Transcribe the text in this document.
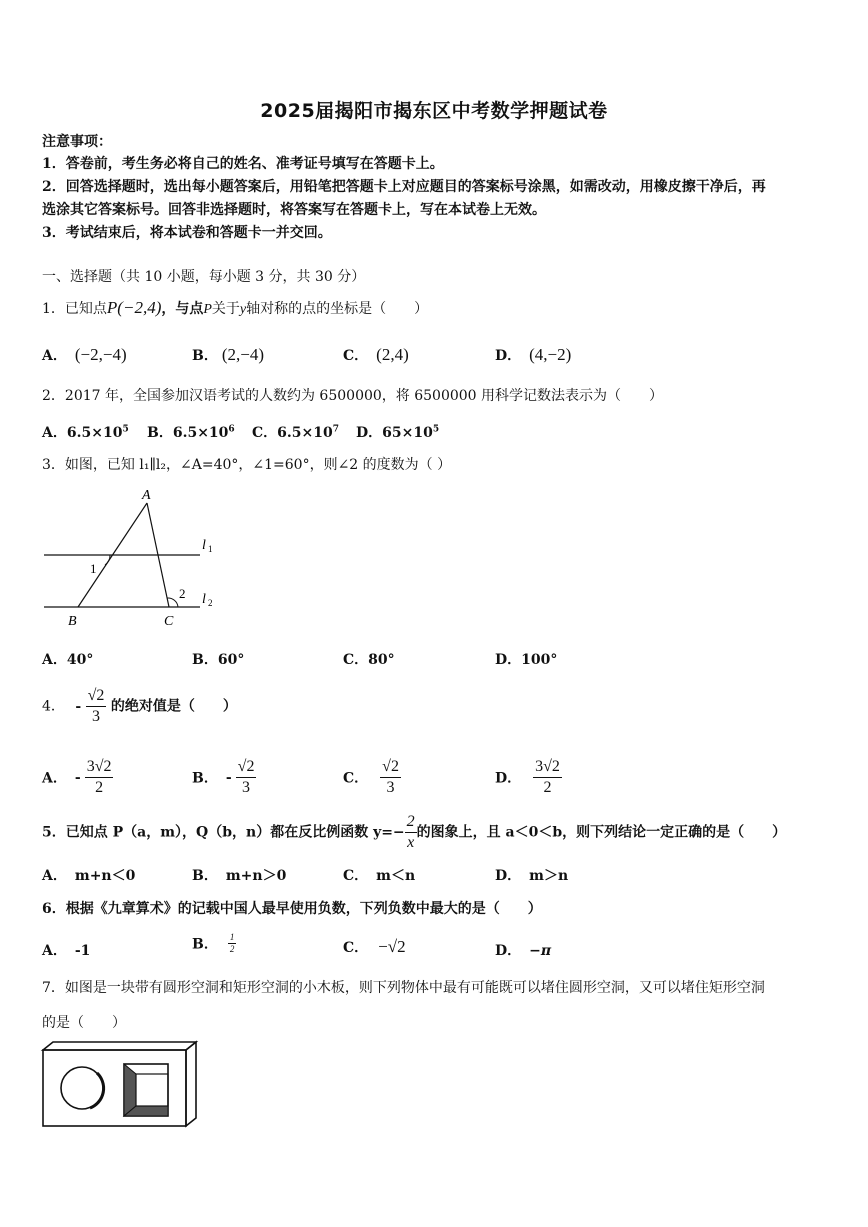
2025届揭阳市揭东区中考数学押题试卷
注意事项：
1．答卷前，考生务必将自己的姓名、准考证号填写在答题卡上。
2．回答选择题时，选出每小题答案后，用铅笔把答题卡上对应题目的答案标号涂黑，如需改动，用橡皮擦干净后，再
选涂其它答案标号。回答非选择题时，将答案写在答题卡上，写在本试卷上无效。
3．考试结束后，将本试卷和答题卡一并交回。
一、选择题（共 10 小题，每小题 3 分，共 30 分）
1．已知点P(−2,4)，与点P关于y轴对称的点的坐标是（　　）
A． (−2,−4)	B． (2,−4)	C． (2,4)	D． (4,−2)
2．2017 年，全国参加汉语考试的人数约为 6500000，将 6500000 用科学记数法表示为（　　）
A．$6.5\times 10^5$ B．$6.5\times 10^6$ C．$6.5\times 10^7$ D．$65\times 10^5$
3．如图，已知 l₁∥l₂，∠A=40°，∠1=60°，则∠2 的度数为（ ）
A
B	C
1
2
l 1
l 2
A．40°	B．60°	C．80°	D．100°
4． - $\frac{√2}{3}$ 的绝对值是（　　）
A． - $\frac{3√2}{2}$	B． - $\frac{√2}{3}$	C． $\frac{√2}{3}$	D． $\frac{3√2}{2}$
5．已知点 P（a，m），Q（b，n）都在反比例函数 $y=- \frac{2}{x}$ 的图象上，且 a＜0＜b，则下列结论一定正确的是（　　）
A． m+n＜0	B． m+n＞0	C． m＜n	D． m＞n
6．根据《九章算术》的记载中国人最早使用负数，下列负数中最大的是（　　）
A． -1	B． $\frac{1}{2}$	C． −√2	D． −π
7．如图是一块带有圆形空洞和矩形空洞的小木板，则下列物体中最有可能既可以堵住圆形空洞，又可以堵住矩形空洞
的是（　　）
